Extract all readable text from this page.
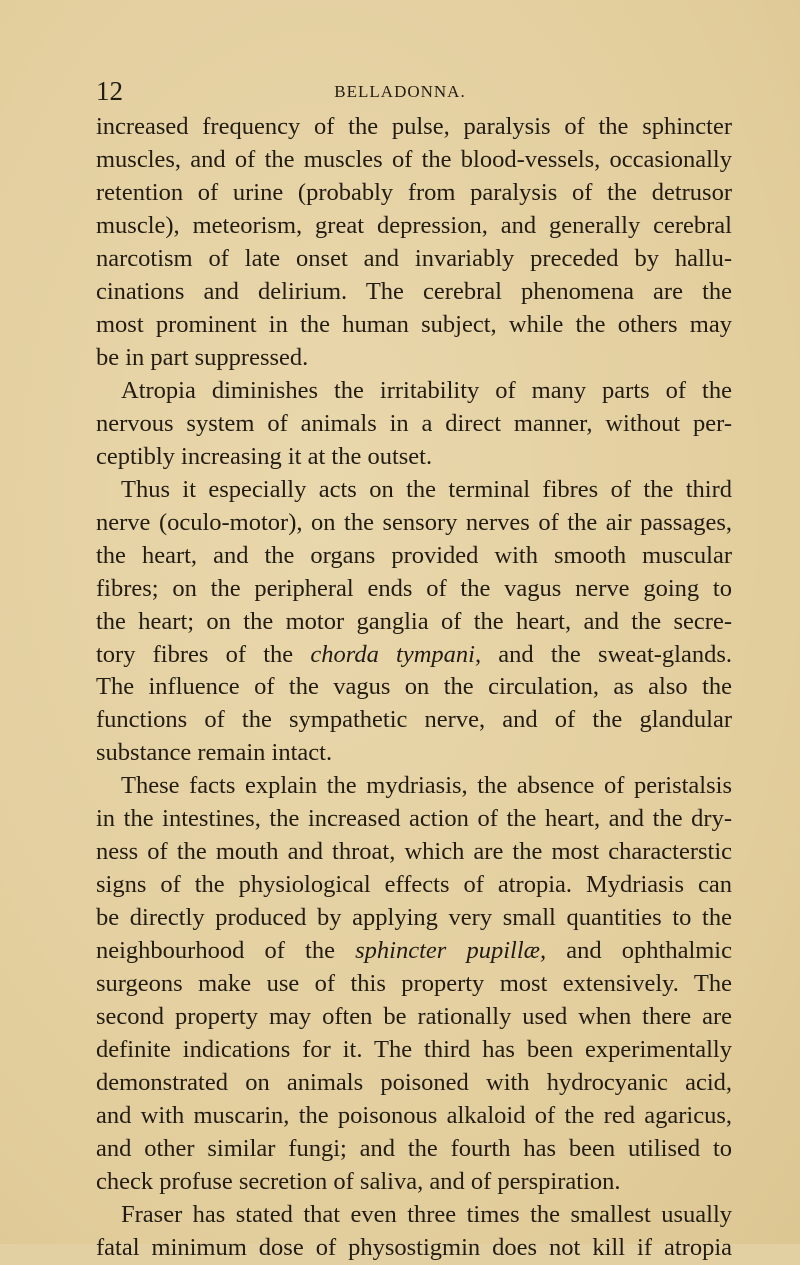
12	BELLADONNA.
increased frequency of the pulse, paralysis of the sphincter
muscles, and of the muscles of the blood-vessels, occasionally
retention of urine (probably from paralysis of the detrusor
muscle), meteorism, great depression, and generally cerebral
narcotism of late onset and invariably preceded by hallu-
cinations and delirium. The cerebral phenomena are the
most prominent in the human subject, while the others may
be in part suppressed.
Atropia diminishes the irritability of many parts of the
nervous system of animals in a direct manner, without per-
ceptibly increasing it at the outset.
Thus it especially acts on the terminal fibres of the third
nerve (oculo-motor), on the sensory nerves of the air passages,
the heart, and the organs provided with smooth muscular
fibres; on the peripheral ends of the vagus nerve going to
the heart; on the motor ganglia of the heart, and the secre-
tory fibres of the chorda tympani, and the sweat-glands.
The influence of the vagus on the circulation, as also the
functions of the sympathetic nerve, and of the glandular
substance remain intact.
These facts explain the mydriasis, the absence of peristalsis
in the intestines, the increased action of the heart, and the dry-
ness of the mouth and throat, which are the most characterstic
signs of the physiological effects of atropia. Mydriasis can
be directly produced by applying very small quantities to the
neighbourhood of the sphincter pupillæ, and ophthalmic
surgeons make use of this property most extensively. The
second property may often be rationally used when there are
definite indications for it. The third has been experimentally
demonstrated on animals poisoned with hydrocyanic acid,
and with muscarin, the poisonous alkaloid of the red agaricus,
and other similar fungi; and the fourth has been utilised to
check profuse secretion of saliva, and of perspiration.
Fraser has stated that even three times the smallest usually
fatal minimum dose of physostigmin does not kill if atropia
